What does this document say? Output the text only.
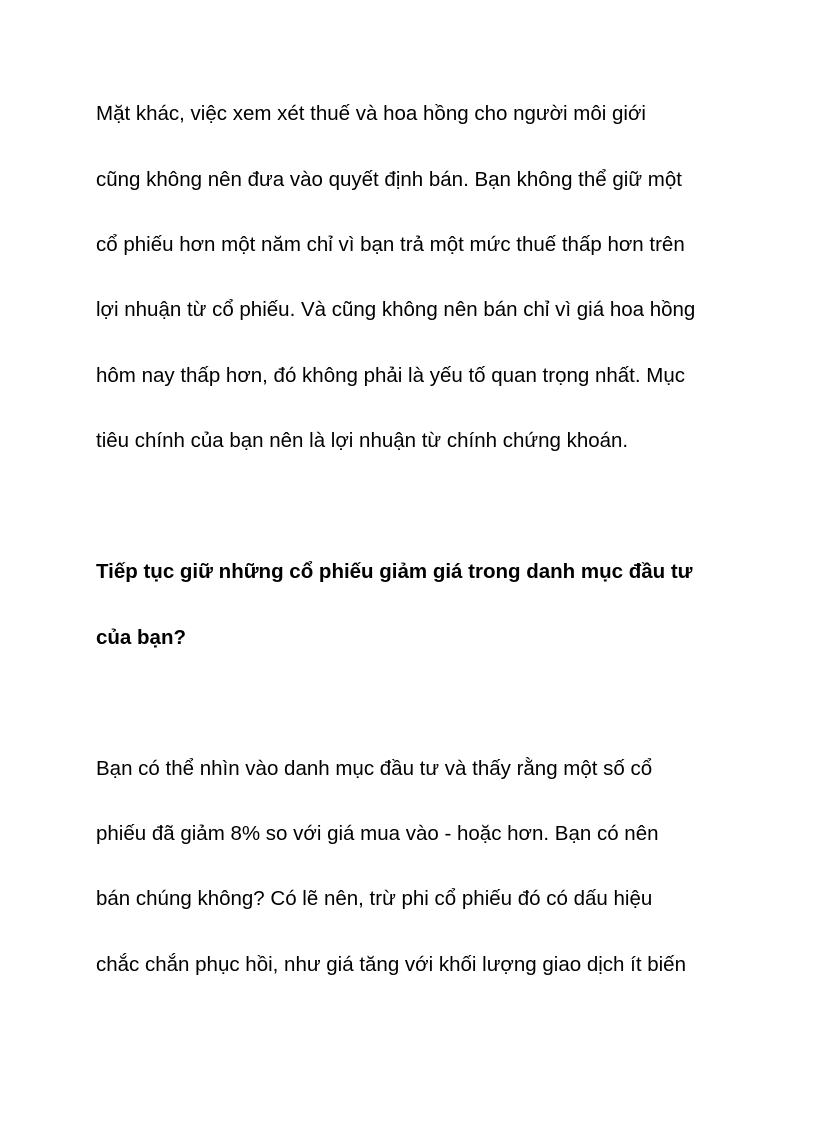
Mặt khác, việc xem xét thuế và hoa hồng cho người môi giới

cũng không nên đưa vào quyết định bán. Bạn không thể giữ một

cổ phiếu hơn một năm chỉ vì bạn trả một mức thuế thấp hơn trên

lợi nhuận từ cổ phiếu. Và cũng không nên bán chỉ vì giá hoa hồng

hôm nay thấp hơn, đó không phải là yếu tố quan trọng nhất. Mục

tiêu chính của bạn nên là lợi nhuận từ chính chứng khoán.

Tiếp tục giữ những cổ phiếu giảm giá trong danh mục đầu tư

của bạn?

Bạn có thể nhìn vào danh mục đầu tư và thấy rằng một số cổ

phiếu đã giảm 8% so với giá mua vào - hoặc hơn. Bạn có nên

bán chúng không? Có lẽ nên, trừ phi cổ phiếu đó có dấu hiệu

chắc chắn phục hồi, như giá tăng với khối lượng giao dịch ít biến
